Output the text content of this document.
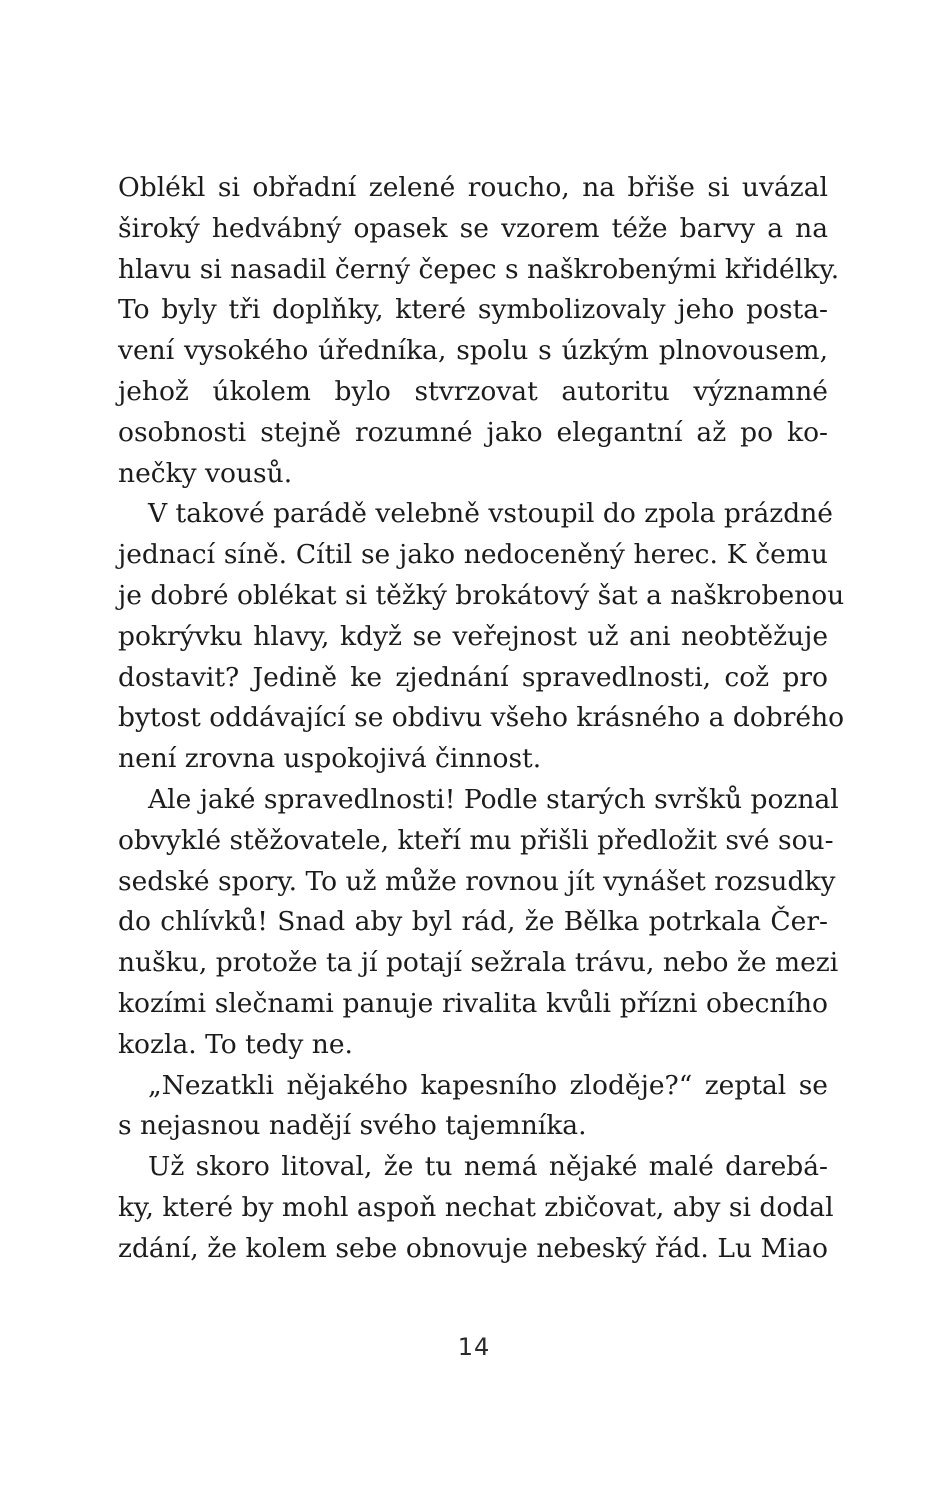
Oblékl si obřadní zelené roucho, na břiše si uvázal
široký hedvábný opasek se vzorem téže barvy a na
hlavu si nasadil černý čepec s naškrobenými křidélky.
To byly tři doplňky, které symbolizovaly jeho posta-
vení vysokého úředníka, spolu s úzkým plnovousem,
jehož úkolem bylo stvrzovat autoritu významné
osobnosti stejně rozumné jako elegantní až po ko-
nečky vousů.
V takové parádě velebně vstoupil do zpola prázdné
jednací síně. Cítil se jako nedoceněný herec. K čemu
je dobré oblékat si těžký brokátový šat a naškrobenou
pokrývku hlavy, když se veřejnost už ani neobtěžuje
dostavit? Jedině ke zjednání spravedlnosti, což pro
bytost oddávající se obdivu všeho krásného a dobrého
není zrovna uspokojivá činnost.
Ale jaké spravedlnosti! Podle starých svršků poznal
obvyklé stěžovatele, kteří mu přišli předložit své sou-
sedské spory. To už může rovnou jít vynášet rozsudky
do chlívků! Snad aby byl rád, že Bělka potrkala Čer-
nušku, protože ta jí potají sežrala trávu, nebo že mezi
kozími slečnami panuje rivalita kvůli přízni obecního
kozla. To tedy ne.
„Nezatkli nějakého kapesního zloděje?“ zeptal se
s nejasnou nadějí svého tajemníka.
Už skoro litoval, že tu nemá nějaké malé darebá-
ky, které by mohl aspoň nechat zbičovat, aby si dodal
zdání, že kolem sebe obnovuje nebeský řád. Lu Miao
14
